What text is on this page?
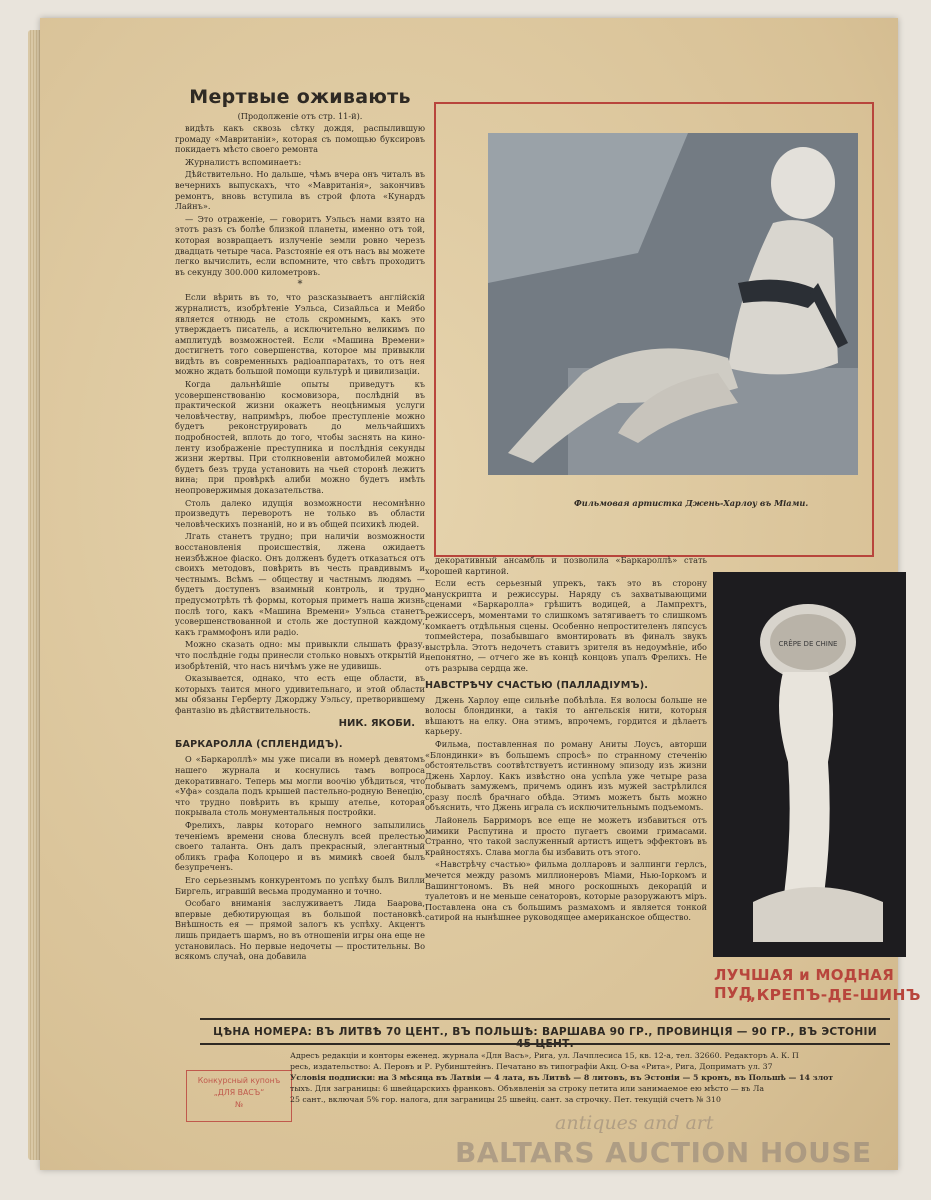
Мертвые оживають
(Продолженіе отъ стр. 11-й).
видѣть какъ сквозь сѣтку дождя, распылившую громаду «Мавританіи», которая съ помощью буксировъ покидаетъ мѣсто своего ремонта
Журналистъ вспоминаетъ:
Дѣйствительно. Но дальше, чѣмъ вчера онъ читалъ въ вечернихъ выпускахъ, что «Мавританія», закончивъ ремонтъ, вновь вступила въ строй флота «Кунардъ Лайнъ».
— Это отраженіе, — говоритъ Уэльсъ нами взято на этотъ разъ съ болѣе близкой планеты, именно отъ той, которая возвращаетъ излученіе земли ровно черезъ двадцать четыре часа. Разстояніе ея отъ насъ вы можете легко вычислить, если вспомните, что свѣтъ проходитъ въ секунду 300.000 километровъ.
*
Если вѣрить въ то, что разсказываетъ англійскій журналистъ, изобрѣтеніе Уэльса, Сизайльса и Мейбо является отнюдь не столь скромнымъ, какъ это утверждаетъ писатель, а исключительно великимъ по амплитудѣ возможностей. Если «Машина Времени» достигнетъ того совершенства, которое мы привыкли видѣть въ современныхъ радіоаппаратахъ, то отъ нея можно ждать большой помощи культурѣ и цивилизаціи.
Когда дальнѣйшіе опыты приведутъ къ усовершенствованію космовизора, послѣдній въ практической жизни окажетъ неоцѣнимыя услуги человѣчеству, напримѣръ, любое преступленіе можно будетъ реконструировать до мельчайшихъ подробностей, вплоть до того, чтобы заснять на кино-ленту изображеніе преступника и послѣднія секунды жизни жертвы. При столкновеніи автомобилей можно будетъ безъ труда установить на чьей сторонѣ лежитъ вина; при провѣркѣ алиби можно будетъ имѣть неопровержимыя доказательства.
Столь далеко идущія возможности несомнѣнно произведутъ переворотъ не только въ области человѣческихъ познаній, но и въ общей психикѣ людей.
Лгать станетъ трудно; при наличіи возможности восстановленія происшествія, лжена ожидаетъ неизбѣжное фіаско. Онъ долженъ будетъ отказаться отъ своихъ методовъ, повѣрить въ честь правдивымъ и честнымъ. Всѣмъ — обществу и частнымъ людямъ — будетъ доступенъ взаимный контроль, и трудно предусмотрѣть тѣ формы, которыя приметъ наша жизнь послѣ того, какъ «Машина Времени» Уэльса станетъ усовершенствованной и столь же доступной каждому, какъ граммофонъ или радіо.
Можно сказать одно: мы привыкли слышать фразу, что послѣдніе годы принесли столько новыхъ открытій и изобрѣтеній, что насъ ничѣмъ уже не удивишь.
Оказывается, однако, что есть еще области, въ которыхъ таится много удивительнаго, и этой области мы обязаны Герберту Джорджу Уэльсу, претворившему фантазію въ дѣйствительность.
НИК. ЯКОБИ.
БАРКАРОЛЛА (СПЛЕНДИДЪ).
О «Баркароллѣ» мы уже писали въ номерѣ девятомъ нашего журнала и коснулись тамъ вопроса декоративнаго. Теперь мы могли воочію убѣдиться, что «Уфа» создала подъ крышей пастельно-родную Венецію, что трудно повѣрить въ крышу ателье, которая покрывала столь монументальныя постройки.
Фрелихъ, лавры котораго немного запылились теченіемъ времени снова блеснулъ всей прелестью своего таланта. Онъ далъ прекрасный, элегантный обликъ графа Колоцеро и въ мимикѣ своей былъ безупреченъ.
Его серьезнымъ конкурентомъ по успѣху былъ Вилли Биргель, игравшій весьма продуманно и точно.
Особаго вниманія заслуживаетъ Лида Баарова, впервые дебютирующая въ большой постановкѣ. Внѣшность ея — прямой залогъ къ успѣху. Акцентъ лишь придаетъ шармъ, но въ отношеніи игры она еще не установилась. Но первые недочеты — простительны. Во всякомъ случаѣ, она добавила
Фильмовая артистка Джень-Харлоу въ Міами.
декоративный ансамбль и позволила «Баркароллѣ» стать хорошей картиной.
Если есть серьезный упрекъ, такъ это въ сторону манускрипта и режиссуры. Наряду съ захватывающими сценами «Баркаролла» грѣшитъ водицей, а Лампрехтъ, режиссеръ, моментами то слишкомъ затягиваетъ то слишкомъ комкаетъ отдѣльныя сцены. Особенно непростителенъ ляпсусъ топмейстера, позабывшаго вмонтировать въ финалъ звукъ выстрѣла. Этотъ недочетъ ставитъ зрителя въ недоумѣніе, ибо непонятно, — отчего же въ концѣ концовъ упалъ Фрелихъ. Не отъ разрыва сердца же.
НАВСТРѢЧУ СЧАСТЬЮ (ПАЛЛАДІУМЪ).
Джень Харлоу еще сильнѣе побѣлѣла. Ея волосы больше не волосы блондинки, а такія то ангельскія нити, которыя вѣшаютъ на елку. Она этимъ, впрочемъ, гордится и дѣлаетъ карьеру.
Фильма, поставленная по роману Аниты Лоусъ, авторши «Блондинки» въ большемъ спросѣ» по странному стеченію обстоятельствъ соотвѣтствуетъ истинному эпизоду изъ жизни Джень Харлоу. Какъ извѣстно она успѣла уже четыре раза побывать замужемъ, причемъ одинъ изъ мужей застрѣлился сразу послѣ брачнаго обѣда. Этимъ можетъ быть можно объяснить, что Джень играла съ исключительнымъ подъемомъ.
Лайонель Барриморъ все еще не можетъ избавиться отъ мимики Распутина и просто пугаетъ своими гримасами. Странно, что такой заслуженный артистъ ищетъ эффектовъ въ крайностяхъ. Слава могла бы избавить отъ этого.
«Навстрѣчу счастью» фильма долларовъ и залпинги герлсъ, мечется между разомъ миллионеровъ Міами, Нью-Іоркомъ и Вашингтономъ. Въ ней много роскошныхъ декорацій и туалетовъ и не меньше сенаторовъ, которые разоружаютъ міръ. Поставлена она съ большимъ размахомъ и является тонкой сатирой на нынѣшнее руководящее американское общество.
CRÊPE DE CHINE
ЛУЧШАЯ и МОДНАЯ ПУД
„КРЕПЪ-ДЕ-ШИНЪ
ЦѢНА НОМЕРА: ВЪ ЛИТВѢ 70 ЦЕНТ., ВЪ ПОЛЬШѢ: ВАРШАВА 90 ГР., ПРОВИНЦІЯ — 90 ГР., ВЪ ЭСТОНІИ
Конкурсный купонъ
„ДЛЯ ВАСЪ“
№
Адресъ редакціи и конторы еженед. журнала «Для Васъ», Рига, ул. Лачплесиса 15, кв. 12-а, тел. 32660. Редакторъ А. К. П
ресь, издательство: А. Перовъ и Р. Рубинштейнъ. Печатано въ типографіи Акц. О-ва «Рита», Рига, Доприматъ ул. 37
Условія подписки: на 3 мѣсяца въ Латвіи — 4 лата, въ Литвѣ — 8 литовъ, въ Эстоніи — 5 кронъ, въ Польшѣ — 14 злот
тыхъ. Для заграницы: 6 швейцарскихъ франковъ. Объявленія за строку петита или занимаемое ею мѣсто — въ Ла
25 сант., включая 5% гор. налога, для заграницы 25 швейц. сант. за строчку. Пет. текущій счетъ № 310
antiques and art
BALTARS AUCTION HOUSE
